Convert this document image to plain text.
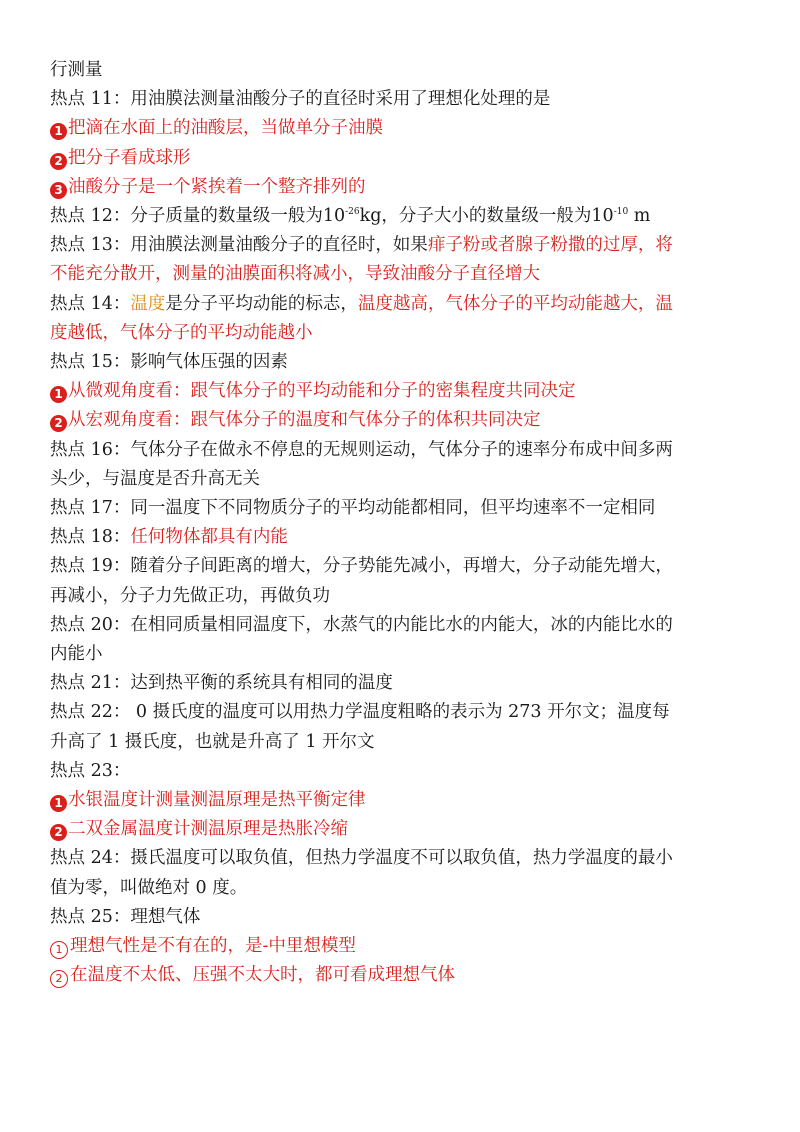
行测量
热点 11：用油膜法测量油酸分子的直径时采用了理想化处理的是
1 把滴在水面上的油酸层，当做单分子油膜
2 把分子看成球形
3 油酸分子是一个紧挨着一个整齐排列的
热点 12：分子质量的数量级一般为$10^{-26}kg$，分子大小的数量级一般为$10^{-10}$ m
热点 13：用油膜法测量油酸分子的直径时，如果痱子粉或者腺子粉撒的过厚，将
不能充分散开，测量的油膜面积将减小，导致油酸分子直径增大
热点 14：温度是分子平均动能的标志，温度越高，气体分子的平均动能越大，温
度越低，气体分子的平均动能越小
热点 15：影响气体压强的因素
1 从微观角度看：跟气体分子的平均动能和分子的密集程度共同决定
2 从宏观角度看：跟气体分子的温度和气体分子的体积共同决定
热点 16：气体分子在做永不停息的无规则运动，气体分子的速率分布成中间多两
头少，与温度是否升高无关
热点 17：同一温度下不同物质分子的平均动能都相同，但平均速率不一定相同
热点 18：任何物体都具有内能
热点 19：随着分子间距离的增大，分子势能先减小，再增大，分子动能先增大，
再减小，分子力先做正功，再做负功
热点 20：在相同质量相同温度下，水蒸气的内能比水的内能大，冰的内能比水的
内能小
热点 21：达到热平衡的系统具有相同的温度
热点 22： 0 摄氏度的温度可以用热力学温度粗略的表示为 273 开尔文；温度每
升高了 1 摄氏度，也就是升高了 1 开尔文
热点 23：
1 水银温度计测量测温原理是热平衡定律
2 二双金属温度计测温原理是热胀冷缩
热点 24：摄氏温度可以取负值，但热力学温度不可以取负值，热力学温度的最小
值为零，叫做绝对 0 度。
热点 25：理想气体
1 理想气性是不有在的，是-中里想模型
2 在温度不太低、压强不太大时，都可看成理想气体
